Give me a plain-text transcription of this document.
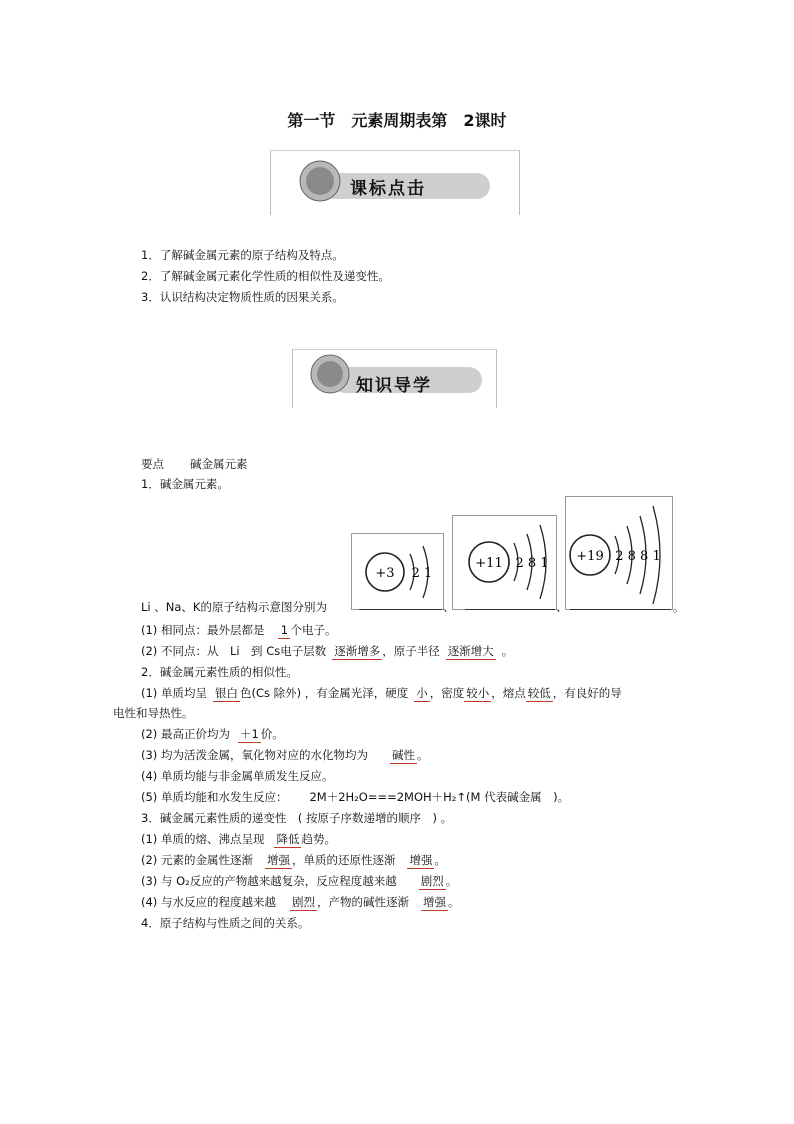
第一节　元素周期表第　2课时
课标点击
1．了解碱金属元素的原子结构及特点。
2．了解碱金属元素化学性质的相似性及递变性。
3．认识结构决定物质性质的因果关系。
知识导学
要点 碱金属元素
1．碱金属元素。
+3 2 1
+11 2 8 1 +19 2 8 8 1
Li 、Na、K的原子结构示意图分别为	、	、	。
(1) 相同点：最外层都是 1 个电子。
(2) 不同点：从　Li　到 Cs电子层数 逐渐增多 ，原子半径 逐渐增大 。
2．碱金属元素性质的相似性。
(1) 单质均呈 银白 色(Cs 除外) ，有金属光泽，硬度 小 ，密度 较小 ，熔点 较低 ，有良好的导
电性和导热性。
(2) 最高正价均为 ＋1 价。
(3) 均为活泼金属，氧化物对应的水化物均为 碱性 。
(4) 单质均能与非金属单质发生反应。
(5) 单质均能和水发生反应： 2M＋2H₂O===2MOH＋H₂↑(M 代表碱金属　)。
3．碱金属元素性质的递变性　( 按原子序数递增的顺序　) 。
(1) 单质的熔、沸点呈现 降低 趋势。
(2) 元素的金属性逐渐 增强 ，单质的还原性逐渐 增强 。
(3) 与 O₂反应的产物越来越复杂，反应程度越来越 剧烈 。
(4) 与水反应的程度越来越 剧烈 ，产物的碱性逐渐 增强 。
4．原子结构与性质之间的关系。
